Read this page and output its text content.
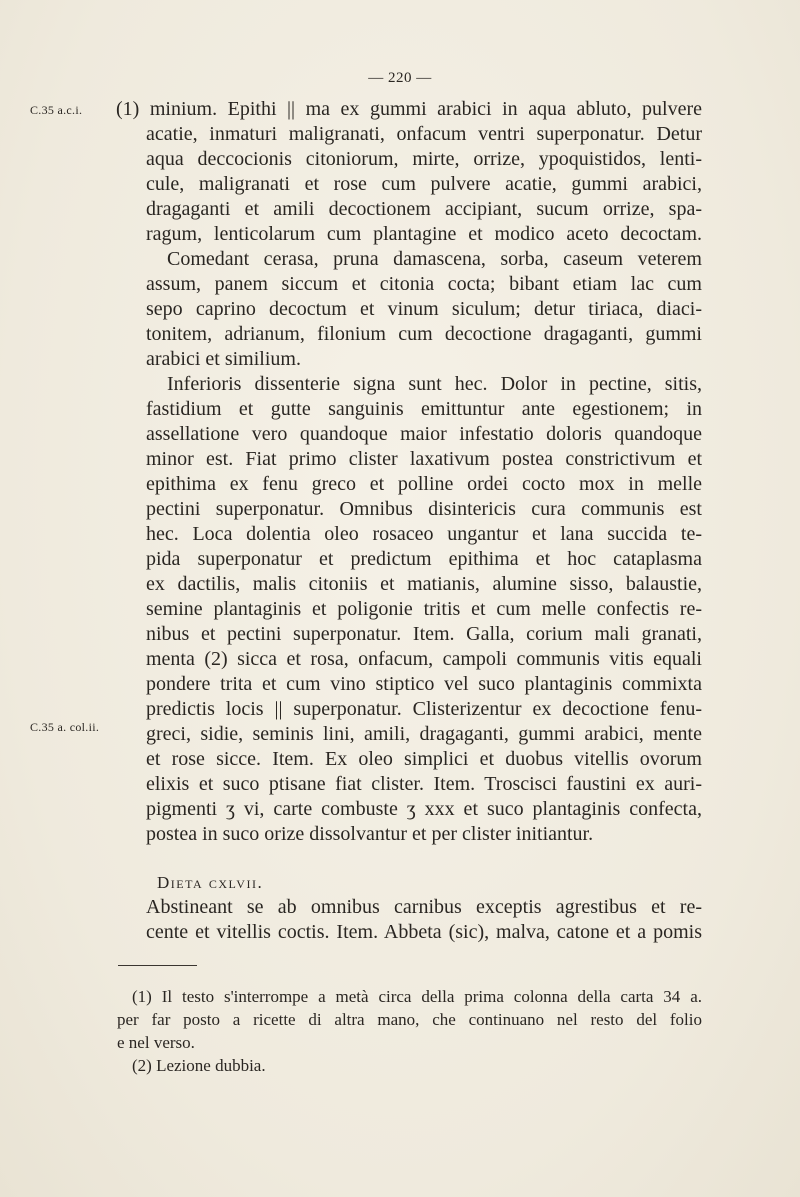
— 220 —
C.35 a.c.i.
C.35 a. col.ii.
(1) minium. Epithi || ma ex gummi arabici in aqua abluto, pulvere
acatie, inmaturi maligranati, onfacum ventri superponatur. Detur
aqua deccocionis citoniorum, mirte, orrize, ypoquistidos, lenti-
cule, maligranati et rose cum pulvere acatie, gummi arabici,
dragaganti et amili decoctionem accipiant, sucum orrize, spa-
ragum, lenticolarum cum plantagine et modico aceto decoctam.
Comedant cerasa, pruna damascena, sorba, caseum veterem
assum, panem siccum et citonia cocta; bibant etiam lac cum
sepo caprino decoctum et vinum siculum; detur tiriaca, diaci-
tonitem, adrianum, filonium cum decoctione dragaganti, gummi
arabici et similium.
Inferioris dissenterie signa sunt hec. Dolor in pectine, sitis,
fastidium et gutte sanguinis emittuntur ante egestionem; in
assellatione vero quandoque maior infestatio doloris quandoque
minor est. Fiat primo clister laxativum postea constrictivum et
epithima ex fenu greco et polline ordei cocto mox in melle
pectini superponatur. Omnibus disintericis cura communis est
hec. Loca dolentia oleo rosaceo ungantur et lana succida te-
pida superponatur et predictum epithima et hoc cataplasma
ex dactilis, malis citoniis et matianis, alumine sisso, balaustie,
semine plantaginis et poligonie tritis et cum melle confectis re-
nibus et pectini superponatur. Item. Galla, corium mali granati,
menta (2) sicca et rosa, onfacum, campoli communis vitis equali
pondere trita et cum vino stiptico vel suco plantaginis commixta
predictis locis || superponatur. Clisterizentur ex decoctione fenu-
greci, sidie, seminis lini, amili, dragaganti, gummi arabici, mente
et rose sicce. Item. Ex oleo simplici et duobus vitellis ovorum
elixis et suco ptisane fiat clister. Item. Troscisci faustini ex auri-
pigmenti ʒ vi, carte combuste ʒ xxx et suco plantaginis confecta,
postea in suco orize dissolvantur et per clister initiantur.
Dieta cxlvii.
Abstineant se ab omnibus carnibus exceptis agrestibus et re-
cente et vitellis coctis. Item. Abbeta (sic), malva, catone et a pomis
(1) Il testo s'interrompe a metà circa della prima colonna della carta 34 a.
per far posto a ricette di altra mano, che continuano nel resto del folio
e nel verso.
(2) Lezione dubbia.
